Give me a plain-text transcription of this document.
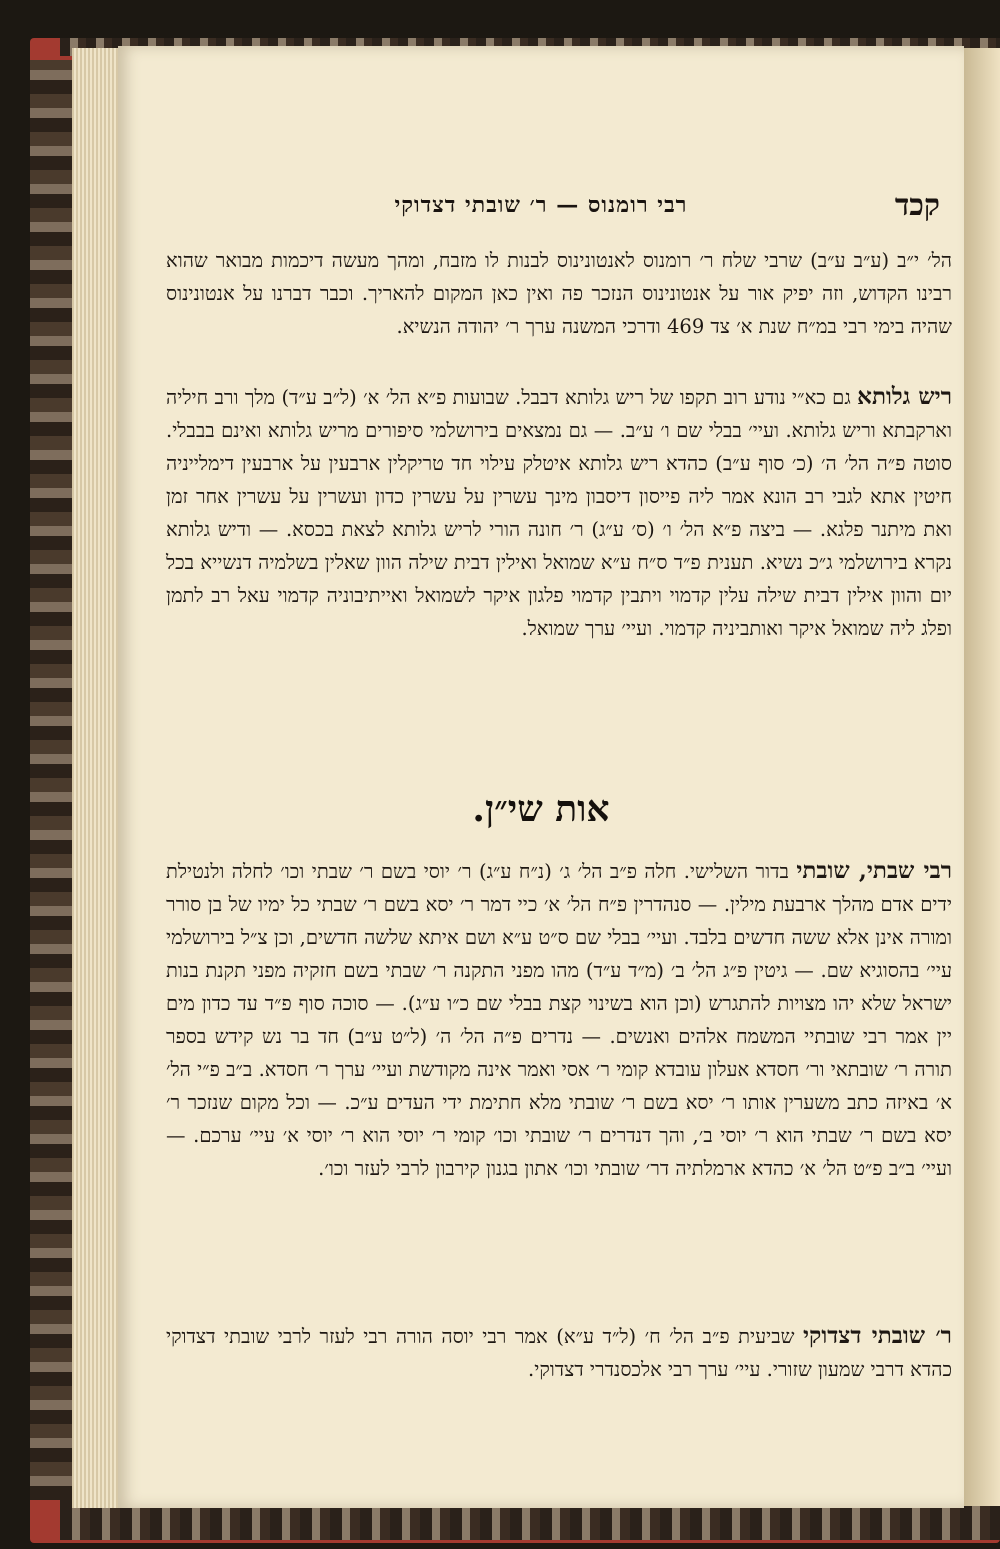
קכד
רבי רומנוס — ר׳ שובתי דצדוקי
הל׳ י״ב (ע״ב ע״ב) שרבי שלח ר׳ רומנוס לאנטונינוס לבנות לו מזבח, ומהך מעשה דיכמות מבואר שהוא רבינו הקדוש, וזה יפיק אור על אנטונינוס הנזכר פה ואין כאן המקום להאריך. וכבר דברנו על אנטונינוס שהיה בימי רבי במ״ח שנת א׳ צד 469 ודרכי המשנה ערך ר׳ יהודה הנשיא.
ריש גלותא גם כא״י נודע רוב תקפו של ריש גלותא דבבל. שבועות פ״א הל׳ א׳ (ל״ב ע״ד) מלך ורב חיליה וארקבתא וריש גלותא. ועיי׳ בבלי שם ו׳ ע״ב. — גם נמצאים בירושלמי סיפורים מריש גלותא ואינם בבבלי. סוטה פ״ה הל׳ ה׳ (כ׳ סוף ע״ב) כהדא ריש גלותא איטלק עילוי חד טריקלין ארבעין על ארבעין דימלייניה חיטין אתא לגבי רב הונא אמר ליה פייסון דיסבון מינך עשרין על עשרין כדון ועשרין על עשרין אחר זמן ואת מיתנר פלגא. — ביצה פ״א הל׳ ו׳ (ס׳ ע״ג) ר׳ חונה הורי לריש גלותא לצאת בכסא. — ודיש גלותא נקרא בירושלמי ג״כ נשיא. תענית פ״ד ס״ח ע״א שמואל ואילין דבית שילה הוון שאלין בשלמיה דנשייא בכל יום והוון אילין דבית שילה עלין קדמוי ויתבין קדמוי פלגון איקר לשמואל ואייתיבוניה קדמוי עאל רב לתמן ופלג ליה שמואל איקר ואותביניה קדמוי. ועיי׳ ערך שמואל.
אות שי״ן.
רבי שבתי, שובתי בדור השלישי. חלה פ״ב הל׳ ג׳ (נ״ח ע״ג) ר׳ יוסי בשם ר׳ שבתי וכו׳ לחלה ולנטילת ידים אדם מהלך ארבעת מילין. — סנהדרין פ״ח הל׳ א׳ כיי דמר ר׳ יסא בשם ר׳ שבתי כל ימיו של בן סורר ומורה אינן אלא ששה חדשים בלבד. ועיי׳ בבלי שם ס״ט ע״א ושם איתא שלשה חדשים, וכן צ״ל בירושלמי עיי׳ בהסוגיא שם. — גיטין פ״ג הל׳ ב׳ (מ״ד ע״ד) מהו מפני התקנה ר׳ שבתי בשם חזקיה מפני תקנת בנות ישראל שלא יהו מצויות להתגרש (וכן הוא בשינוי קצת בבלי שם כ״ו ע״ג). — סוכה סוף פ״ד עד כדון מים יין אמר רבי שובתיי המשמח אלהים ואנשים. — נדרים פ״ה הל׳ ה׳ (ל״ט ע״ב) חד בר נש קידש בספר תורה ר׳ שובתאי ור׳ חסדא אעלון עובדא קומי ר׳ אסי ואמר אינה מקודשת ועיי׳ ערך ר׳ חסדא. ב״ב פ״י הל׳ א׳ באיזה כתב משערין אותו ר׳ יסא בשם ר׳ שובתי מלא חתימת ידי העדים ע״כ. — וכל מקום שנזכר ר׳ יסא בשם ר׳ שבתי הוא ר׳ יוסי ב׳, והך דנדרים ר׳ שובתי וכו׳ קומי ר׳ יוסי הוא ר׳ יוסי א׳ עיי׳ ערכם. — ועיי׳ ב״ב פ״ט הל׳ א׳ כהדא ארמלתיה דר׳ שובתי וכו׳ אתון בגנון קירבון לרבי לעזר וכו׳.
ר׳ שובתי דצדוקי שביעית פ״ב הל׳ ח׳ (ל״ד ע״א) אמר רבי יוסה הורה רבי לעזר לרבי שובתי דצדוקי כהדא דרבי שמעון שזורי. עיי׳ ערך רבי אלכסנדרי דצדוקי.
